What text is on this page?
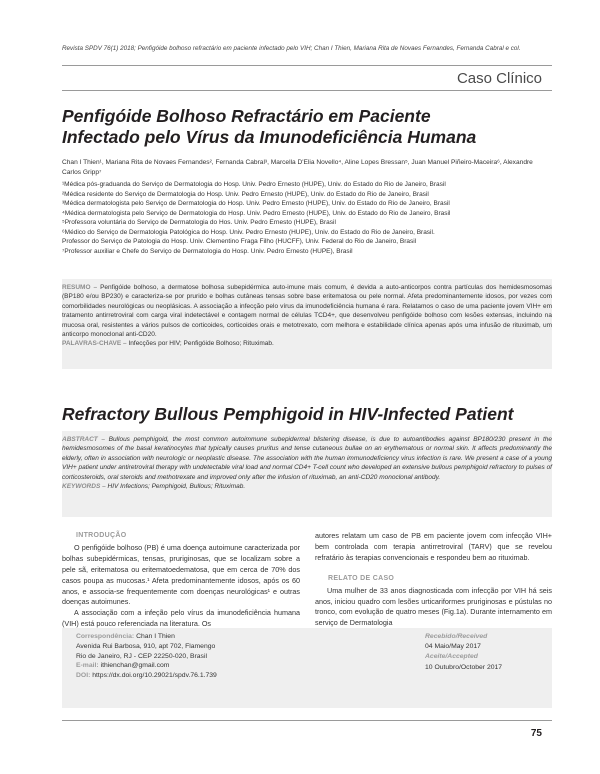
Revista SPDV 76(1) 2018; Penfigóide bolhoso refractário em paciente infectado pelo VIH; Chan I Thien, Mariana Rita de Novaes Fernandes, Fernanda Cabral e col.
Caso Clínico
Penfigóide Bolhoso Refractário em Paciente
Infectado pelo Vírus da Imunodeficiência Humana
Chan I Thien¹, Mariana Rita de Novaes Fernandes², Fernanda Cabral³, Marcella D'Elia Novello⁴, Aline Lopes Bressan⁵, Juan Manuel Piñeiro-Maceira⁶, Alexandre Carlos Gripp⁷
¹Médica pós-graduanda do Serviço de Dermatologia do Hosp. Univ. Pedro Ernesto (HUPE), Univ. do Estado do Rio de Janeiro, Brasil
²Médica residente do Serviço de Dermatologia do Hosp. Univ. Pedro Ernesto (HUPE), Univ. do Estado do Rio de Janeiro, Brasil
³Médica dermatologista pelo Serviço de Dermatologia do Hosp. Univ. Pedro Ernesto (HUPE), Univ. do Estado do Rio de Janeiro, Brasil
⁴Médica dermatologista pelo Serviço de Dermatologia do Hosp. Univ. Pedro Ernesto (HUPE), Univ. do Estado do Rio de Janeiro, Brasil
⁵Professora voluntária do Serviço de Dermatologia do Hos. Univ. Pedro Ernesto (HUPE), Brasil
⁶Médico do Serviço de Dermatologia Patológica do Hosp. Univ. Pedro Ernesto (HUPE), Univ. do Estado do Rio de Janeiro, Brasil.
Professor do Serviço de Patologia do Hosp. Univ. Clementino Fraga Filho (HUCFF), Univ. Federal do Rio de Janeiro, Brasil
⁷Professor auxiliar e Chefe do Serviço de Dermatologia do Hosp. Univ. Pedro Ernesto (HUPE), Brasil
RESUMO – Penfigóide bolhoso, a dermatose bolhosa subepidérmica auto-imune mais comum, é devida a auto-anticorpos contra partículas dos hemidesmosomas (BP180 e/ou BP230) e caracteriza-se por prurido e bolhas cutâneas tensas sobre base eritematosa ou pele normal. Afeta predominantemente idosos, por vezes com comorbilidades neurológicas ou neoplásicas. A associação a infecção pelo vírus da imunodeficiência humana é rara. Relatamos o caso de uma paciente jovem VIH+ em tratamento antirretroviral com carga viral indetectável e contagem normal de células TCD4+, que desenvolveu penfigóide bolhoso com lesões extensas, incluindo na mucosa oral, resistentes a vários pulsos de corticoides, corticoides orais e metotrexato, com melhora e estabilidade clínica apenas após uma infusão de rituximab, um anticorpo monoclonal anti-CD20.
PALAVRAS-CHAVE – Infecções por HIV; Penfigóide Bolhoso; Rituximab.
Refractory Bullous Pemphigoid in HIV-Infected Patient
ABSTRACT – Bullous pemphigoid, the most common autoimmune subepidermal blistering disease, is due to autoantibodies against BP180/230 present in the hemidesmosomes of the basal keratinocytes that typically causes pruritus and tense cutaneous bullae on an erythematous or normal skin. It affects predominantly the elderly, often in association with neurologic or neoplastic disease. The association with the human immunodeficiency virus infection is rare. We present a case of a young VIH+ patient under antiretroviral therapy with undetectable viral load and normal CD4+ T-cell count who developed an extensive bullous pemphigoid refractory to pulses of corticosteroids, oral steroids and methotrexate and improved only after the infusion of rituximab, an anti-CD20 monoclonal antibody.
KEYWORDS – HIV Infections; Pemphigoid, Bullous; Rituximab.
INTRODUÇÃO

O penfigóide bolhoso (PB) é uma doença autoimune caracterizada por bolhas subepidérmicas, tensas, pruriginosas, que se localizam sobre a pele sã, eritematosa ou eritematoedematosa, que em cerca de 70% dos casos poupa as mucosas.¹ Afeta predominantemente idosos, após os 60 anos, e associa-se frequentemente com doenças neurológicas¹ e outras doenças autoimunes.

A associação com a infeção pelo vírus da imunodeficiência humana (VIH) está pouco referenciada na literatura. Os

autores relatam um caso de PB em paciente jovem com infecção VIH+ bem controlada com terapia antirretroviral (TARV) que se revelou refratário às terapias convencionais e respondeu bem ao rituximab.

RELATO DE CASO

Uma mulher de 33 anos diagnosticada com infecção por VIH há seis anos, iniciou quadro com lesões urticariformes pruriginosas e pústulas no tronco, com evolução de quatro meses (Fig.1a). Durante internamento em serviço de Dermatologia

Correspondência: Chan I Thien
Avenida Rui Barbosa, 910, apt 702, Flamengo
Rio de Janeiro, RJ - CEP 22250-020, Brasil
E-mail: ithienchan@gmail.com
DOI: https://dx.doi.org/10.29021/spdv.76.1.739
Recebido/Received
04 Maio/May 2017
Aceite/Accepted
10 Outubro/October 2017
75
